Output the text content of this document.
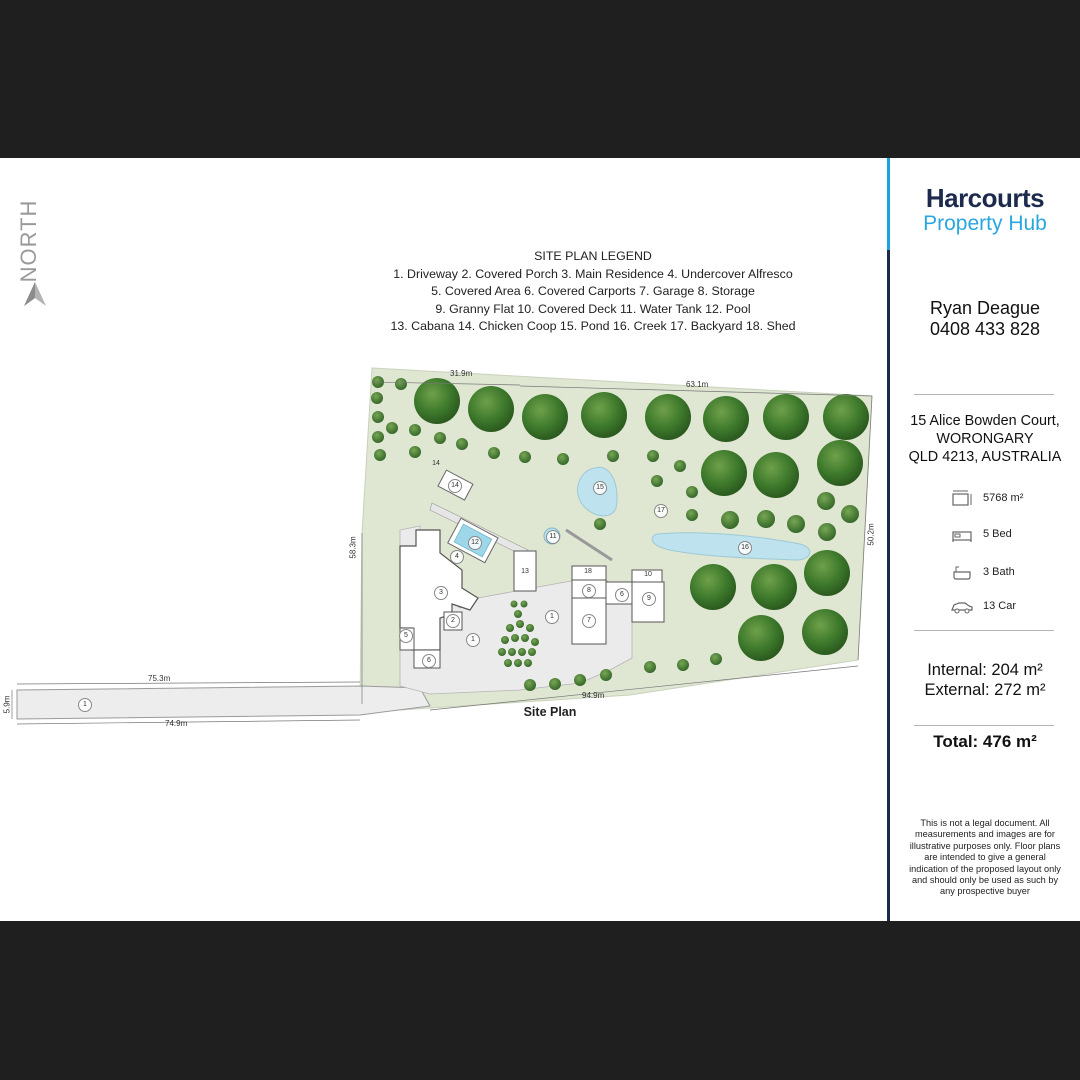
NORTH	SITE PLAN LEGEND
1. Driveway 2. Covered Porch 3. Main Residence 4. Undercover Alfresco
5. Covered Area 6. Covered Carports 7. Garage 8. Storage
9. Granny Flat 10. Covered Deck 11. Water Tank 12. Pool
13. Cabana 14. Chicken Coop 15. Pond 16. Creek 17. Backyard 18. Shed
31.9m
63.1m
58.3m
50.2m
75.3m
74.9m
5.9m
94.9m
1
1
1
2
3
4
5
6
6
7
8
9
10
11
12
13
14
14	15
16
17
18
Site Plan
Harcourts
Property Hub
Ryan Deague
0408 433 828
15 Alice Bowden Court,
WORONGARY
QLD 4213, AUSTRALIA
5768 m²
5 Bed
3 Bath
13 Car
Internal: 204 m²
External: 272 m²
Total: 476 m²
This is not a legal document. All measurements and images are for illustrative purposes only. Floor plans are intended to give a general indication of the proposed layout only and should only be used as such by any prospective buyer
